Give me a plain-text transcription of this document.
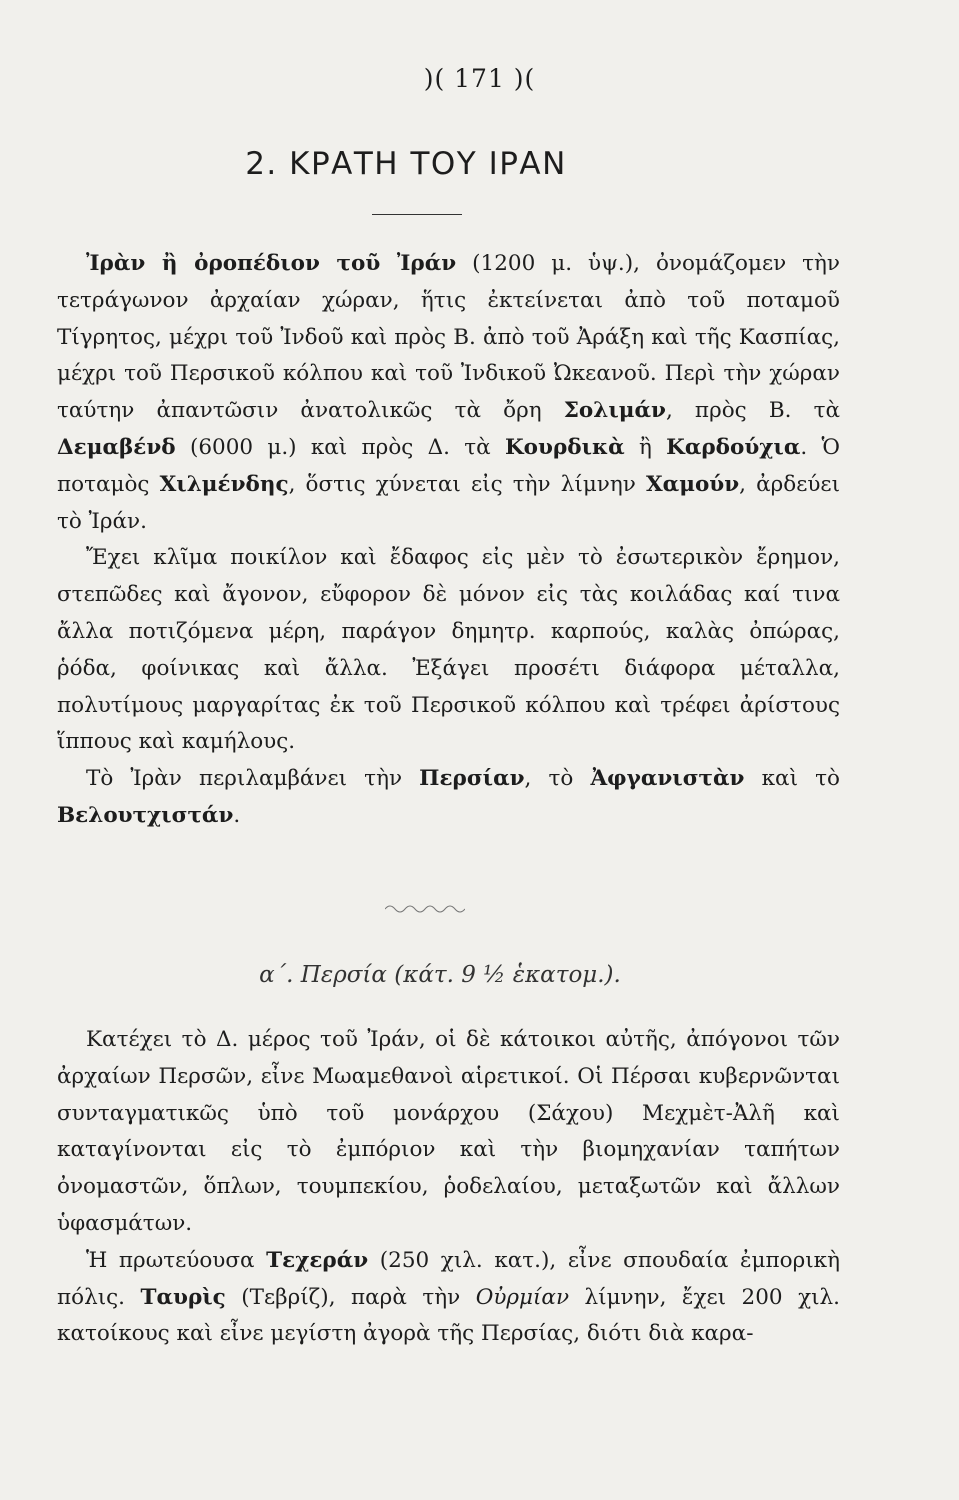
)( 171 )(
2. ΚΡΑΤΗ ΤΟΥ ΙΡΑΝ

Ἰρὰν ἢ ὀροπέδιον τοῦ Ἰράν (1200 μ. ὑψ.), ὀνομάζομεν τὴν τετράγωνον ἀρχαίαν χώραν, ἥτις ἐκτείνεται ἀπὸ τοῦ ποταμοῦ Τίγρητος, μέχρι τοῦ Ἰνδοῦ καὶ πρὸς Β. ἀπὸ τοῦ Ἀράξη καὶ τῆς Κασπίας, μέχρι τοῦ Περσικοῦ κόλπου καὶ τοῦ Ἰνδικοῦ Ὠκεανοῦ. Περὶ τὴν χώραν ταύτην ἀπαντῶσιν ἀνατολικῶς τὰ ὄρη Σολιμάν, πρὸς Β. τὰ Δεμαβένδ (6000 μ.) καὶ πρὸς Δ. τὰ Κουρδικὰ ἢ Καρδούχια. Ὁ ποταμὸς Χιλμένδης, ὅστις χύνεται εἰς τὴν λίμνην Χαμούν, ἀρδεύει τὸ Ἰράν.

Ἔχει κλῖμα ποικίλον καὶ ἔδαφος εἰς μὲν τὸ ἐσωτερικὸν ἔρημον, στεπῶδες καὶ ἄγονον, εὔφορον δὲ μόνον εἰς τὰς κοιλάδας καί τινα ἄλλα ποτιζόμενα μέρη, παράγον δημητρ. καρπούς, καλὰς ὀπώρας, ῥόδα, φοίνικας καὶ ἄλλα. Ἐξάγει προσέτι διάφορα μέταλλα, πολυτίμους μαργαρίτας ἐκ τοῦ Περσικοῦ κόλπου καὶ τρέφει ἀρίστους ἵππους καὶ καμήλους.

Τὸ Ἰρὰν περιλαμβάνει τὴν Περσίαν, τὸ Ἀφγανιστὰν καὶ τὸ Βελουτχιστάν.

α΄. Περσία (κάτ. 9 ½ ἑκατομ.).

Κατέχει τὸ Δ. μέρος τοῦ Ἰράν, οἱ δὲ κάτοικοι αὐτῆς, ἀπόγονοι τῶν ἀρχαίων Περσῶν, εἶνε Μωαμεθανοὶ αἱρετικοί. Οἱ Πέρσαι κυβερνῶνται συνταγματικῶς ὑπὸ τοῦ μονάρχου (Σάχου) Μεχμὲτ-Ἀλῆ καὶ καταγίνονται εἰς τὸ ἐμπόριον καὶ τὴν βιομηχανίαν ταπήτων ὀνομαστῶν, ὅπλων, τουμπεκίου, ῥοδελαίου, μεταξωτῶν καὶ ἄλλων ὑφασμάτων.

Ἡ πρωτεύουσα Τεχεράν (250 χιλ. κατ.), εἶνε σπουδαία ἐμπορικὴ πόλις. Ταυρὶς (Τεβρίζ), παρὰ τὴν Οὐρμίαν λίμνην, ἔχει 200 χιλ. κατοίκους καὶ εἶνε μεγίστη ἀγορὰ τῆς Περσίας, διότι διὰ καρα-
